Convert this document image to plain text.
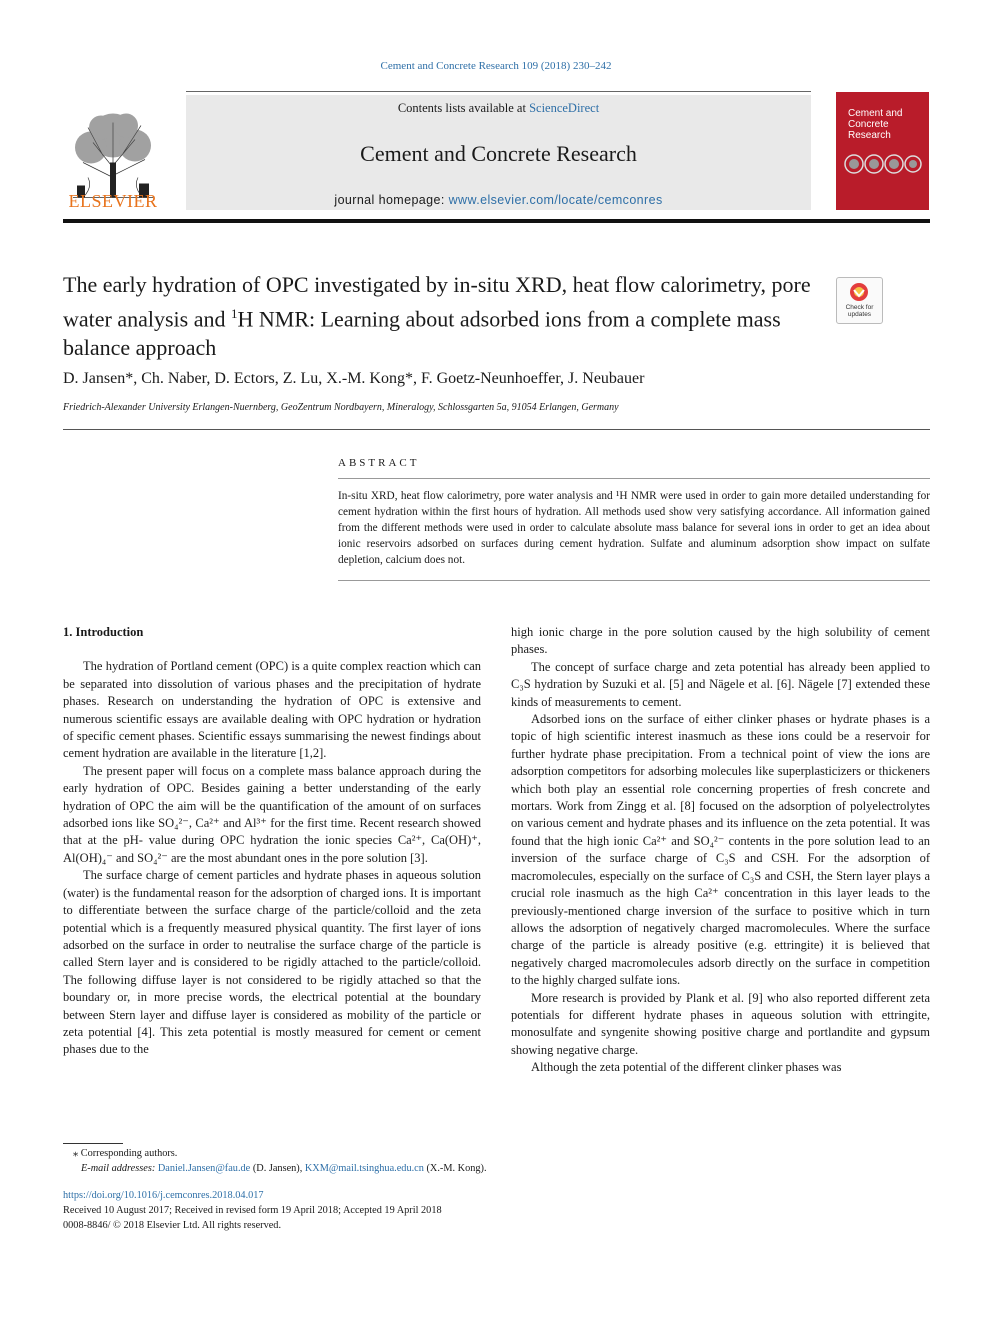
Cement and Concrete Research 109 (2018) 230–242
Contents lists available at ScienceDirect
Cement and Concrete Research
journal homepage: www.elsevier.com/locate/cemconres
ELSEVIER
Cement and Concrete Research
The early hydration of OPC investigated by in-situ XRD, heat flow calorimetry, pore water analysis and $^1$H NMR: Learning about adsorbed ions from a complete mass balance approach
Check for updates
D. Jansen*, Ch. Naber, D. Ectors, Z. Lu, X.-M. Kong*, F. Goetz-Neunhoeffer, J. Neubauer
Friedrich-Alexander University Erlangen-Nuernberg, GeoZentrum Nordbayern, Mineralogy, Schlossgarten 5a, 91054 Erlangen, Germany
ABSTRACT
In-situ XRD, heat flow calorimetry, pore water analysis and ¹H NMR were used in order to gain more detailed understanding for cement hydration within the first hours of hydration. All methods used show very satisfying accordance. All information gained from the different methods were used in order to calculate absolute mass balance for several ions in order to get an idea about ionic reservoirs adsorbed on surfaces during cement hydration. Sulfate and aluminum adsorption show impact on sulfate depletion, calcium does not.

1. Introduction

The hydration of Portland cement (OPC) is a quite complex reaction which can be separated into dissolution of various phases and the precipitation of hydrate phases. Research on understanding the hydration of OPC is extensive and numerous scientific essays are available dealing with OPC hydration or hydration of specific cement phases. Scientific essays summarising the newest findings about cement hydration are available in the literature [1,2].

The present paper will focus on a complete mass balance approach during the early hydration of OPC. Besides gaining a better understanding of the early hydration of OPC the aim will be the quantification of the amount of on surfaces adsorbed ions like SO₄²⁻, Ca²⁺ and Al³⁺ for the first time. Recent research showed that at the pH- value during OPC hydration the ionic species Ca²⁺, Ca(OH)⁺, Al(OH)₄⁻ and SO₄²⁻ are the most abundant ones in the pore solution [3].

The surface charge of cement particles and hydrate phases in aqueous solution (water) is the fundamental reason for the adsorption of charged ions. It is important to differentiate between the surface charge of the particle/colloid and the zeta potential which is a frequently measured physical quantity. The first layer of ions adsorbed on the surface in order to neutralise the surface charge of the particle is called Stern layer and is considered to be rigidly attached to the particle/colloid. The following diffuse layer is not considered to be rigidly attached so that the boundary or, in more precise words, the electrical potential at the boundary between Stern layer and diffuse layer is considered as mobility of the particle or zeta potential [4]. This zeta potential is mostly measured for cement or cement phases due to the

high ionic charge in the pore solution caused by the high solubility of cement phases.

The concept of surface charge and zeta potential has already been applied to C₃S hydration by Suzuki et al. [5] and Nägele et al. [6]. Nägele [7] extended these kinds of measurements to cement.

Adsorbed ions on the surface of either clinker phases or hydrate phases is a topic of high scientific interest inasmuch as these ions could be a reservoir for further hydrate phase precipitation. From a technical point of view the ions are adsorption competitors for adsorbing molecules like superplasticizers or thickeners which both play an essential role concerning properties of fresh concrete and mortars. Work from Zingg et al. [8] focused on the adsorption of polyelectrolytes on various cement and hydrate phases and its influence on the zeta potential. It was found that the high ionic Ca²⁺ and SO₄²⁻ contents in the pore solution lead to an inversion of the surface charge of C₃S and CSH. For the adsorption of macromolecules, especially on the surface of C₃S and CSH, the Stern layer plays a crucial role inasmuch as the high Ca²⁺ concentration in this layer leads to the previously-mentioned charge inversion of the surface to positive which in turn allows the adsorption of negatively charged macromolecules. Where the surface charge of the particle is already positive (e.g. ettringite) it is believed that negatively charged macromolecules adsorb directly on the surface in competition to the highly charged sulfate ions.

More research is provided by Plank et al. [9] who also reported different zeta potentials for different hydrate phases in aqueous solution with ettringite, monosulfate and syngenite showing positive charge and portlandite and gypsum showing negative charge.

Although the zeta potential of the different clinker phases was

⁎ Corresponding authors.
E-mail addresses: Daniel.Jansen@fau.de (D. Jansen), KXM@mail.tsinghua.edu.cn (X.-M. Kong).
https://doi.org/10.1016/j.cemconres.2018.04.017
Received 10 August 2017; Received in revised form 19 April 2018; Accepted 19 April 2018
0008-8846/ © 2018 Elsevier Ltd. All rights reserved.
